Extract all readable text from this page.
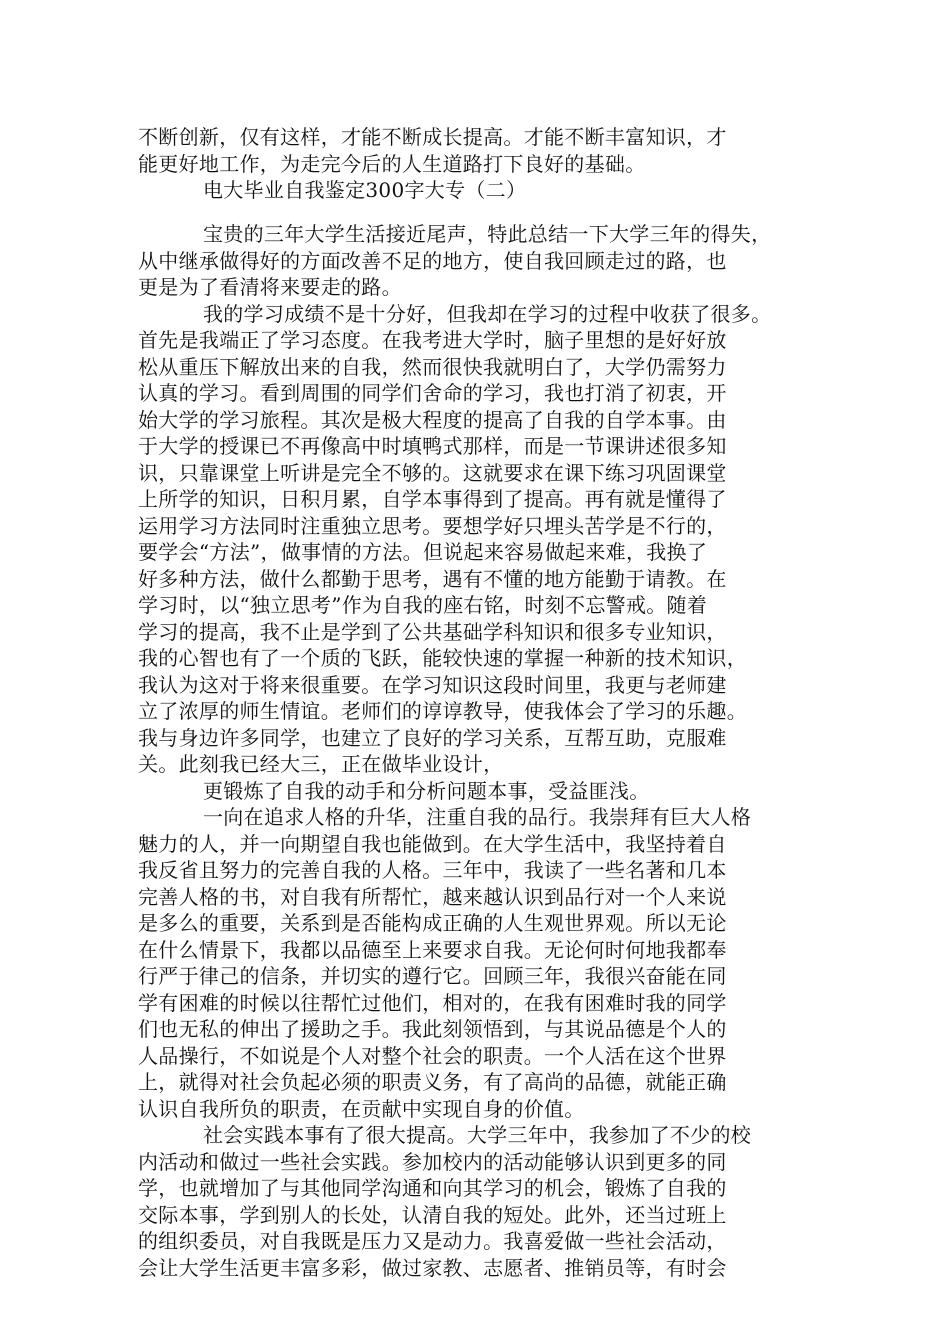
不断创新，仅有这样，才能不断成长提高。才能不断丰富知识，才
能更好地工作，为走完今后的人生道路打下良好的基础。
电大毕业自我鉴定300字大专（二）
宝贵的三年大学生活接近尾声，特此总结一下大学三年的得失，
从中继承做得好的方面改善不足的地方，使自我回顾走过的路，也
更是为了看清将来要走的路。
我的学习成绩不是十分好，但我却在学习的过程中收获了很多。
首先是我端正了学习态度。在我考进大学时，脑子里想的是好好放
松从重压下解放出来的自我，然而很快我就明白了，大学仍需努力
认真的学习。看到周围的同学们舍命的学习，我也打消了初衷，开
始大学的学习旅程。其次是极大程度的提高了自我的自学本事。由
于大学的授课已不再像高中时填鸭式那样，而是一节课讲述很多知
识，只靠课堂上听讲是完全不够的。这就要求在课下练习巩固课堂
上所学的知识，日积月累，自学本事得到了提高。再有就是懂得了
运用学习方法同时注重独立思考。要想学好只埋头苦学是不行的，
要学会“方法”，做事情的方法。但说起来容易做起来难，我换了
好多种方法，做什么都勤于思考，遇有不懂的地方能勤于请教。在
学习时，以“独立思考”作为自我的座右铭，时刻不忘警戒。随着
学习的提高，我不止是学到了公共基础学科知识和很多专业知识，
我的心智也有了一个质的飞跃，能较快速的掌握一种新的技术知识，
我认为这对于将来很重要。在学习知识这段时间里，我更与老师建
立了浓厚的师生情谊。老师们的谆谆教导，使我体会了学习的乐趣。
我与身边许多同学，也建立了良好的学习关系，互帮互助，克服难
关。此刻我已经大三，正在做毕业设计，
更锻炼了自我的动手和分析问题本事，受益匪浅。
一向在追求人格的升华，注重自我的品行。我崇拜有巨大人格
魅力的人，并一向期望自我也能做到。在大学生活中，我坚持着自
我反省且努力的完善自我的人格。三年中，我读了一些名著和几本
完善人格的书，对自我有所帮忙，越来越认识到品行对一个人来说
是多么的重要，关系到是否能构成正确的人生观世界观。所以无论
在什么情景下，我都以品德至上来要求自我。无论何时何地我都奉
行严于律己的信条，并切实的遵行它。回顾三年，我很兴奋能在同
学有困难的时候以往帮忙过他们，相对的，在我有困难时我的同学
们也无私的伸出了援助之手。我此刻领悟到，与其说品德是个人的
人品操行，不如说是个人对整个社会的职责。一个人活在这个世界
上，就得对社会负起必须的职责义务，有了高尚的品德，就能正确
认识自我所负的职责，在贡献中实现自身的价值。
社会实践本事有了很大提高。大学三年中，我参加了不少的校
内活动和做过一些社会实践。参加校内的活动能够认识到更多的同
学，也就增加了与其他同学沟通和向其学习的机会，锻炼了自我的
交际本事，学到别人的长处，认清自我的短处。此外，还当过班上
的组织委员，对自我既是压力又是动力。我喜爱做一些社会活动，
会让大学生活更丰富多彩，做过家教、志愿者、推销员等，有时会
